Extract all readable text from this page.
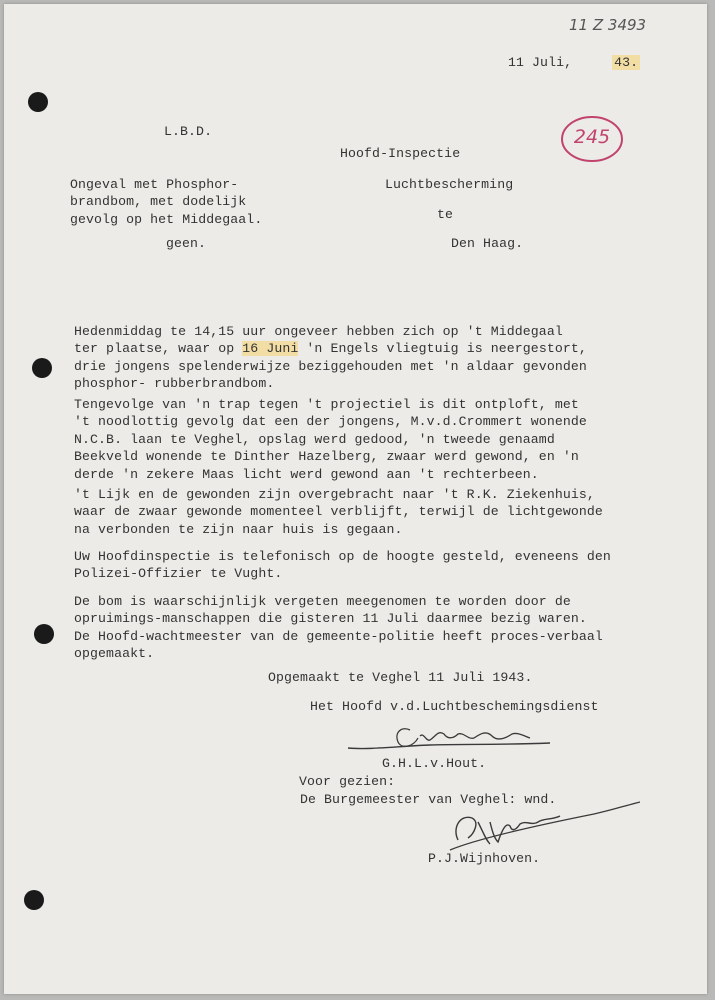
11 Z 3493
11 Juli,	43.
245
L.B.D.
Hoofd-Inspectie
Luchtbescherming
te
Den Haag.
Ongeval met Phosphor-
brandbom, met dodelijk
gevolg op het Middegaal.
geen.
Hedenmiddag te 14,15 uur ongeveer hebben zich op 't Middegaal
ter plaatse, waar op 16 Juni 'n Engels vliegtuig is neergestort,
drie jongens spelenderwijze beziggehouden met 'n aldaar gevonden
phosphor- rubberbrandbom.
Tengevolge van 'n trap tegen 't projectiel is dit ontploft, met
't noodlottig gevolg dat een der jongens, M.v.d.Crommert wonende
N.C.B. laan te Veghel, opslag werd gedood, 'n tweede genaamd
Beekveld wonende te Dinther Hazelberg, zwaar werd gewond, en 'n
derde 'n zekere Maas licht werd gewond aan 't rechterbeen.
't Lijk en de gewonden zijn overgebracht naar 't R.K. Ziekenhuis,
waar de zwaar gewonde momenteel verblijft, terwijl de lichtgewonde
na verbonden te zijn naar huis is gegaan.
Uw Hoofdinspectie is telefonisch op de hoogte gesteld, eveneens den
Polizei-Offizier te Vught.
De bom is waarschijnlijk vergeten meegenomen te worden door de
opruimings-manschappen die gisteren 11 Juli daarmee bezig waren.
De Hoofd-wachtmeester van de gemeente-politie heeft proces-verbaal
opgemaakt.
Opgemaakt te Veghel 11 Juli 1943.
Het Hoofd v.d.Luchtbeschemingsdienst
G.H.L.v.Hout.
Voor gezien:
De Burgemeester van Veghel: wnd.
P.J.Wijnhoven.
